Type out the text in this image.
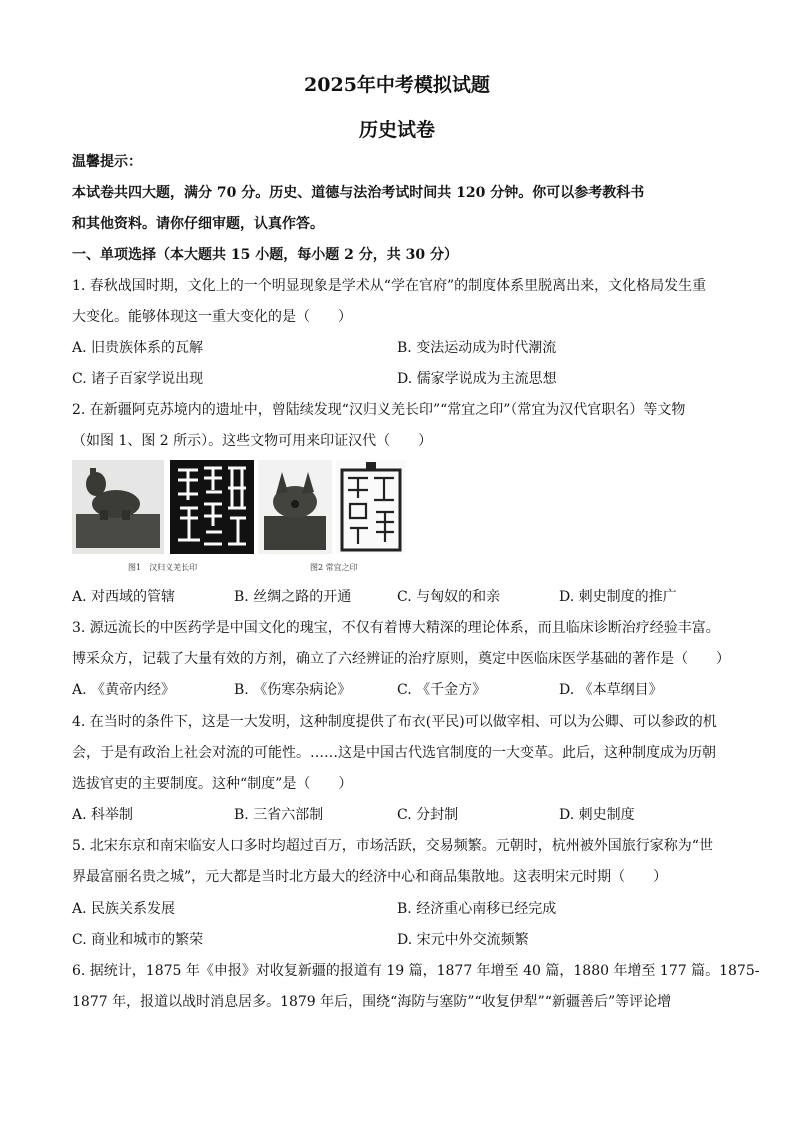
2025年中考模拟试题
历史试卷
温馨提示：
本试卷共四大题，满分 70 分。历史、道德与法治考试时间共 120 分钟。你可以参考教科书
和其他资料。请你仔细审题，认真作答。
一、单项选择（本大题共 15 小题，每小题 2 分，共 30 分）
1. 春秋战国时期，文化上的一个明显现象是学术从“学在官府”的制度体系里脱离出来，文化格局发生重
大变化。能够体现这一重大变化的是（　　）
A. 旧贵族体系的瓦解	B. 变法运动成为时代潮流
C. 诸子百家学说出现	D. 儒家学说成为主流思想
2. 在新疆阿克苏境内的遗址中，曾陆续发现“汉归义羌长印”“常宜之印”（常宜为汉代官职名）等文物
（如图 1、图 2 所示）。这些文物可用来印证汉代（　　）
图1　汉归义羌长印	图2 常宜之印
A. 对西域的管辖	B. 丝绸之路的开通	C. 与匈奴的和亲	D. 刺史制度的推广
3. 源远流长的中医药学是中国文化的瑰宝，不仅有着博大精深的理论体系，而且临床诊断治疗经验丰富。
博采众方，记载了大量有效的方剂，确立了六经辨证的治疗原则，奠定中医临床医学基础的著作是（　　）
A. 《黄帝内经》	B. 《伤寒杂病论》	C. 《千金方》	D. 《本草纲目》
4. 在当时的条件下，这是一大发明，这种制度提供了布衣(平民)可以做宰相、可以为公卿、可以参政的机
会，于是有政治上社会对流的可能性。……这是中国古代选官制度的一大变革。此后，这种制度成为历朝
选拔官吏的主要制度。这种“制度”是（　　）
A. 科举制	B. 三省六部制	C. 分封制	D. 刺史制度
5. 北宋东京和南宋临安人口多时均超过百万，市场活跃，交易频繁。元朝时，杭州被外国旅行家称为“世
界最富丽名贵之城”，元大都是当时北方最大的经济中心和商品集散地。这表明宋元时期（　　）
A. 民族关系发展	B. 经济重心南移已经完成
C. 商业和城市的繁荣	D. 宋元中外交流频繁
6. 据统计，1875 年《申报》对收复新疆的报道有 19 篇，1877 年增至 40 篇，1880 年增至 177 篇。1875-
1877 年，报道以战时消息居多。1879 年后，围绕“海防与塞防”“收复伊犁”“新疆善后”等评论增
